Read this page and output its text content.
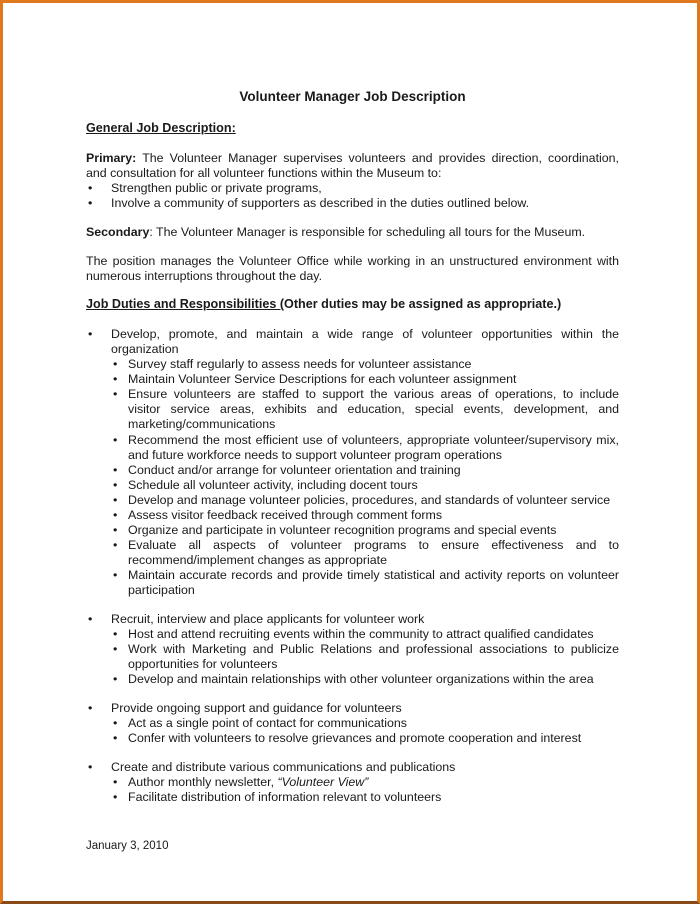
Volunteer Manager Job Description
General Job Description:
Primary: The Volunteer Manager supervises volunteers and provides direction, coordination,
and consultation for all volunteer functions within the Museum to:
• Strengthen public or private programs,
• Involve a community of supporters as described in the duties outlined below.
Secondary: The Volunteer Manager is responsible for scheduling all tours for the Museum.
The position manages the Volunteer Office while working in an unstructured environment with
numerous interruptions throughout the day.
Job Duties and Responsibilities (Other duties may be assigned as appropriate.)
• Develop, promote, and maintain a wide range of volunteer opportunities within the
organization
• Survey staff regularly to assess needs for volunteer assistance
• Maintain Volunteer Service Descriptions for each volunteer assignment
• Ensure volunteers are staffed to support the various areas of operations, to include
visitor service areas, exhibits and education, special events, development, and
marketing/communications
• Recommend the most efficient use of volunteers, appropriate volunteer/supervisory mix,
and future workforce needs to support volunteer program operations
• Conduct and/or arrange for volunteer orientation and training
• Schedule all volunteer activity, including docent tours
• Develop and manage volunteer policies, procedures, and standards of volunteer service
• Assess visitor feedback received through comment forms
• Organize and participate in volunteer recognition programs and special events
• Evaluate all aspects of volunteer programs to ensure effectiveness and to
recommend/implement changes as appropriate
• Maintain accurate records and provide timely statistical and activity reports on volunteer
participation
• Recruit, interview and place applicants for volunteer work
• Host and attend recruiting events within the community to attract qualified candidates
• Work with Marketing and Public Relations and professional associations to publicize
opportunities for volunteers
• Develop and maintain relationships with other volunteer organizations within the area
• Provide ongoing support and guidance for volunteers
• Act as a single point of contact for communications
• Confer with volunteers to resolve grievances and promote cooperation and interest
• Create and distribute various communications and publications
• Author monthly newsletter, “Volunteer View”
• Facilitate distribution of information relevant to volunteers
January 3, 2010
